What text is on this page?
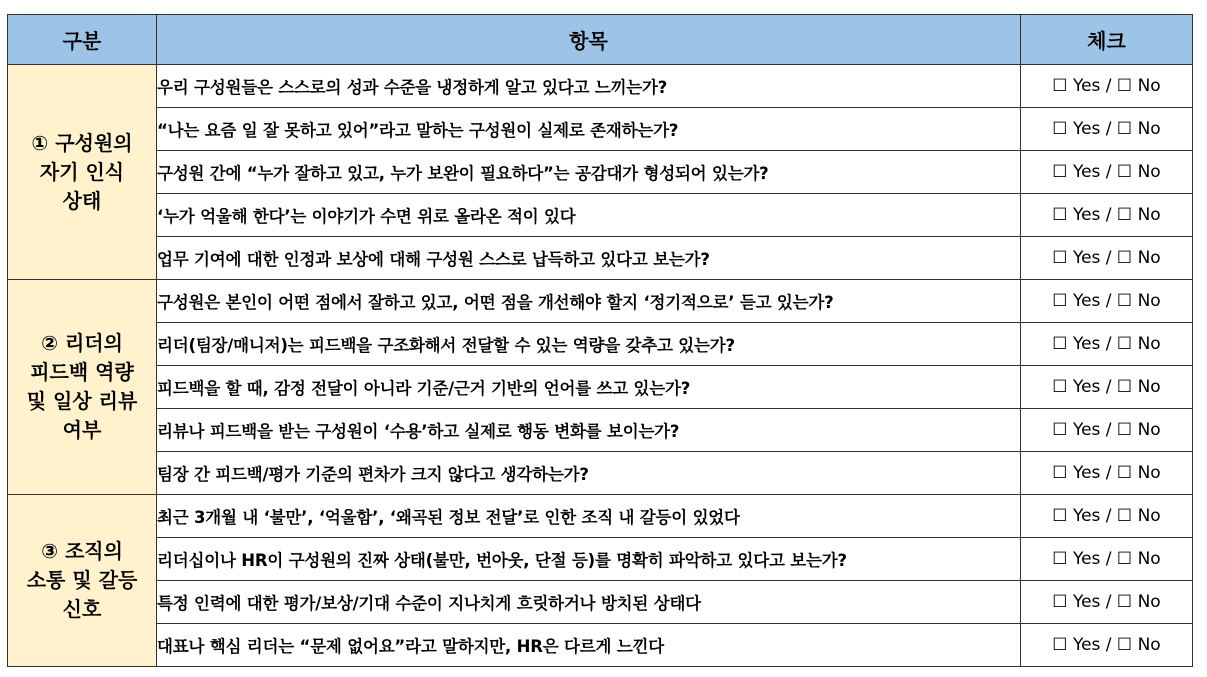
구분	항목	체크
① 구성원의
자기 인식
상태	우리 구성원들은 스스로의 성과 수준을 냉정하게 알고 있다고 느끼는가?	☐ Yes / ☐ No
	“나는 요즘 일 잘 못하고 있어”라고 말하는 구성원이 실제로 존재하는가?	☐ Yes / ☐ No
	구성원 간에 “누가 잘하고 있고, 누가 보완이 필요하다”는 공감대가 형성되어 있는가?	☐ Yes / ☐ No
	‘누가 억울해 한다’는 이야기가 수면 위로 올라온 적이 있다	☐ Yes / ☐ No
	업무 기여에 대한 인정과 보상에 대해 구성원 스스로 납득하고 있다고 보는가?	☐ Yes / ☐ No
② 리더의
피드백 역량
및 일상 리뷰
여부	구성원은 본인이 어떤 점에서 잘하고 있고, 어떤 점을 개선해야 할지 ‘정기적으로’ 듣고 있는가?	☐ Yes / ☐ No
	리더(팀장/매니저)는 피드백을 구조화해서 전달할 수 있는 역량을 갖추고 있는가?	☐ Yes / ☐ No
	피드백을 할 때, 감정 전달이 아니라 기준/근거 기반의 언어를 쓰고 있는가?	☐ Yes / ☐ No
	리뷰나 피드백을 받는 구성원이 ‘수용’하고 실제로 행동 변화를 보이는가?	☐ Yes / ☐ No
	팀장 간 피드백/평가 기준의 편차가 크지 않다고 생각하는가?	☐ Yes / ☐ No
③ 조직의
소통 및 갈등
신호	최근 3개월 내 ‘불만’, ‘억울함’, ‘왜곡된 정보 전달’로 인한 조직 내 갈등이 있었다	☐ Yes / ☐ No
	리더십이나 HR이 구성원의 진짜 상태(불만, 번아웃, 단절 등)를 명확히 파악하고 있다고 보는가?	☐ Yes / ☐ No
	특정 인력에 대한 평가/보상/기대 수준이 지나치게 흐릿하거나 방치된 상태다	☐ Yes / ☐ No
	대표나 핵심 리더는 “문제 없어요”라고 말하지만, HR은 다르게 느낀다	☐ Yes / ☐ No
